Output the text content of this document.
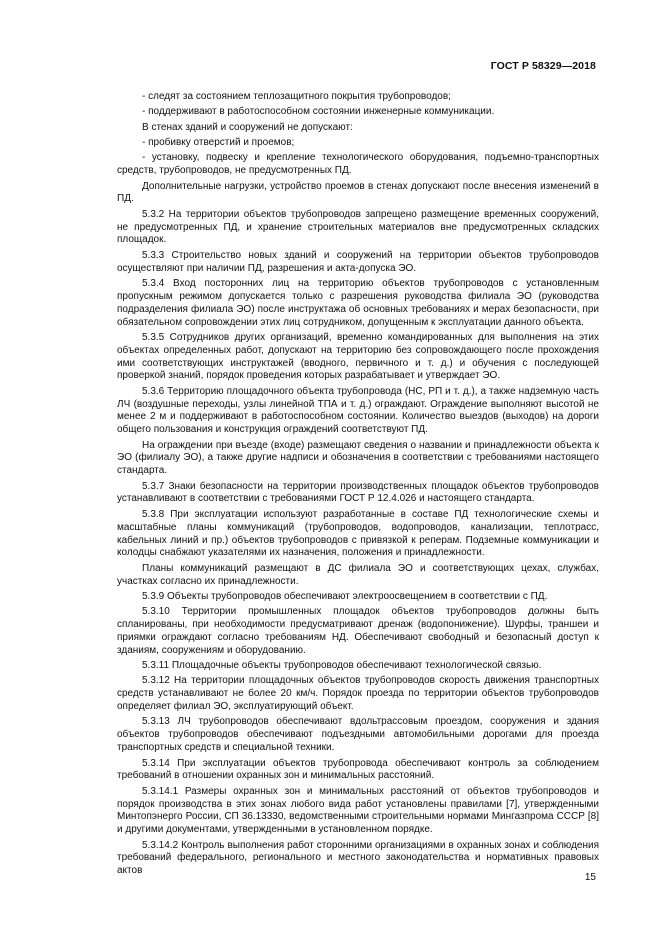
ГОСТ Р 58329—2018

- следят за состоянием теплозащитного покрытия трубопроводов;

- поддерживают в работоспособном состоянии инженерные коммуникации.

В стенах зданий и сооружений не допускают:

- пробивку отверстий и проемов;

- установку, подвеску и крепление технологического оборудования, подъемно-транспортных средств, трубопроводов, не предусмотренных ПД.

Дополнительные нагрузки, устройство проемов в стенах допускают после внесения изменений в ПД.

5.3.2 На территории объектов трубопроводов запрещено размещение временных сооружений, не предусмотренных ПД, и хранение строительных материалов вне предусмотренных складских площадок.

5.3.3 Строительство новых зданий и сооружений на территории объектов трубопроводов осуществляют при наличии ПД, разрешения и акта-допуска ЭО.

5.3.4 Вход посторонних лиц на территорию объектов трубопроводов с установленным пропускным режимом допускается только с разрешения руководства филиала ЭО (руководства подразделения филиала ЭО) после инструктажа об основных требованиях и мерах безопасности, при обязательном сопровождении этих лиц сотрудником, допущенным к эксплуатации данного объекта.

5.3.5 Сотрудников других организаций, временно командированных для выполнения на этих объектах определенных работ, допускают на территорию без сопровождающего после прохождения ими соответствующих инструктажей (вводного, первичного и т. д.) и обучения с последующей проверкой знаний, порядок проведения которых разрабатывает и утверждает ЭО.

5.3.6 Территорию площадочного объекта трубопровода (НС, РП и т. д.), а также надземную часть ЛЧ (воздушные переходы, узлы линейной ТПА и т. д.) ограждают. Ограждение выполняют высотой не менее 2 м и поддерживают в работоспособном состоянии. Количество выездов (выходов) на дороги общего пользования и конструкция ограждений соответствуют ПД.

На ограждении при въезде (входе) размещают сведения о названии и принадлежности объекта к ЭО (филиалу ЭО), а также другие надписи и обозначения в соответствии с требованиями настоящего стандарта.

5.3.7 Знаки безопасности на территории производственных площадок объектов трубопроводов устанавливают в соответствии с требованиями ГОСТ Р 12.4.026 и настоящего стандарта.

5.3.8 При эксплуатации используют разработанные в составе ПД технологические схемы и масштабные планы коммуникаций (трубопроводов, водопроводов, канализации, теплотрасс, кабельных линий и пр.) объектов трубопроводов с привязкой к реперам. Подземные коммуникации и колодцы снабжают указателями их назначения, положения и принадлежности.

Планы коммуникаций размещают в ДС филиала ЭО и соответствующих цехах, службах, участках согласно их принадлежности.

5.3.9 Объекты трубопроводов обеспечивают электроосвещением в соответствии с ПД.

5.3.10 Территории промышленных площадок объектов трубопроводов должны быть спланированы, при необходимости предусматривают дренаж (водопонижение). Шурфы, траншеи и приямки ограждают согласно требованиям НД. Обеспечивают свободный и безопасный доступ к зданиям, сооружениям и оборудованию.

5.3.11 Площадочные объекты трубопроводов обеспечивают технологической связью.

5.3.12 На территории площадочных объектов трубопроводов скорость движения транспортных средств устанавливают не более 20 км/ч. Порядок проезда по территории объектов трубопроводов определяет филиал ЭО, эксплуатирующий объект.

5.3.13 ЛЧ трубопроводов обеспечивают вдольтрассовым проездом, сооружения и здания объектов трубопроводов обеспечивают подъездными автомобильными дорогами для проезда транспортных средств и специальной техники.

5.3.14 При эксплуатации объектов трубопровода обеспечивают контроль за соблюдением требований в отношении охранных зон и минимальных расстояний.

5.3.14.1 Размеры охранных зон и минимальных расстояний от объектов трубопроводов и порядок производства в этих зонах любого вида работ установлены правилами [7], утвержденными Минтопэнерго России, СП 36.13330, ведомственными строительными нормами Мингазпрома СССР [8] и другими документами, утвержденными в установленном порядке.

5.3.14.2 Контроль выполнения работ сторонними организациями в охранных зонах и соблюдения требований федерального, регионального и местного законодательства и нормативных правовых актов

15
